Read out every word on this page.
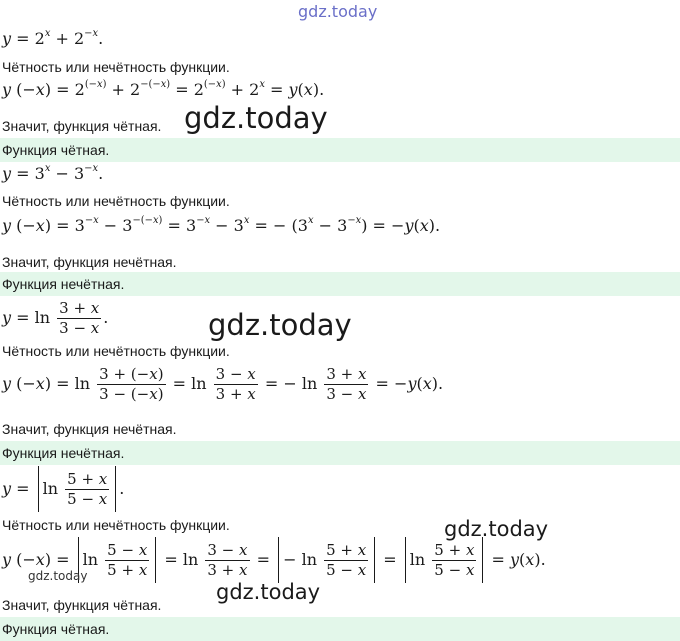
gdz.today
$y = 2^x + 2^{-x}$ .
Чётность или нечётность функции.
y (− x ) = $2^{(-x)} + 2^{-(-x)} = 2^{(-x)} + 2^x = y$ ( x ).
Значит, функция чётная. gdz.today
Функция чётная.
$y = 3^x - 3^{-x}$ .
Чётность или нечётность функции.
y (− x ) = $3^{-x} - 3^{-(-x)} = 3^{-x} - 3^x$ = − ($3^x - 3^{-x}$ ) = − y ( x ).
Значит, функция нечётная.
Функция нечётная.
$y = \ln \frac{3 + x}{3 - x}$ .	gdz.today
Чётность или нечётность функции.
y (− x ) = $\ln \frac{3 + (-x)}{3 - (-x)} = \ln \frac{3 - x}{3 + x}$ = − $\ln \frac{3 + x}{3 - x}$ = − y ( x ).
Значит, функция нечётная.
Функция нечётная.
$y = \ln \frac{5 + x}{5 - x}$ .
Чётность или нечётность функции.	gdz.today
y (− x ) = $\ln \frac{5 - x}{5 + x} = \ln \frac{3 - x}{3 + x}$ = − $\ln \frac{5 + x}{5 - x} = \ln \frac{5 + x}{5 - x} = y$ ( x ).
gdz.today
gdz.today
Значит, функция чётная.
Функция чётная.
